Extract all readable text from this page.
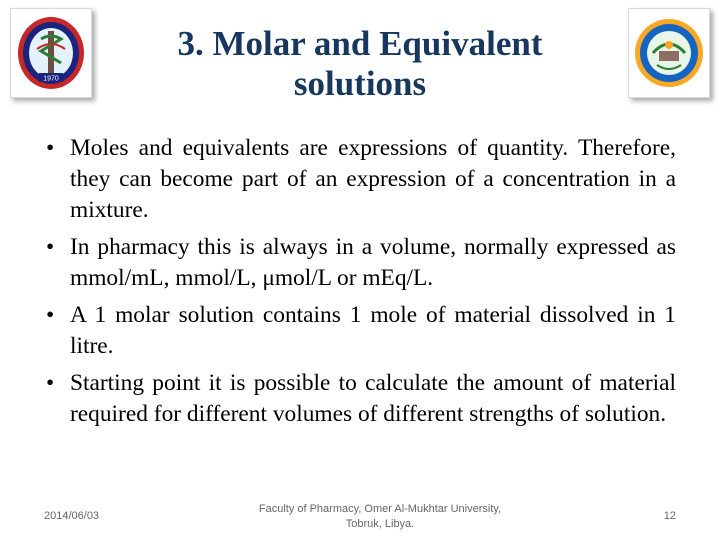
1970
3. Molar and Equivalent
solutions
• Moles and equivalents are expressions of quantity. Therefore, they can become part of an expression of a concentration in a mixture.
• In pharmacy this is always in a volume, normally expressed as mmol/mL, mmol/L, μmol/L or mEq/L.
• A 1 molar solution contains 1 mole of material dissolved in 1 litre.
• Starting point it is possible to calculate the amount of material required for different volumes of different strengths of solution.
2014/06/03
Faculty of Pharmacy, Omer Al-Mukhtar University,
Tobruk, Libya.
12
